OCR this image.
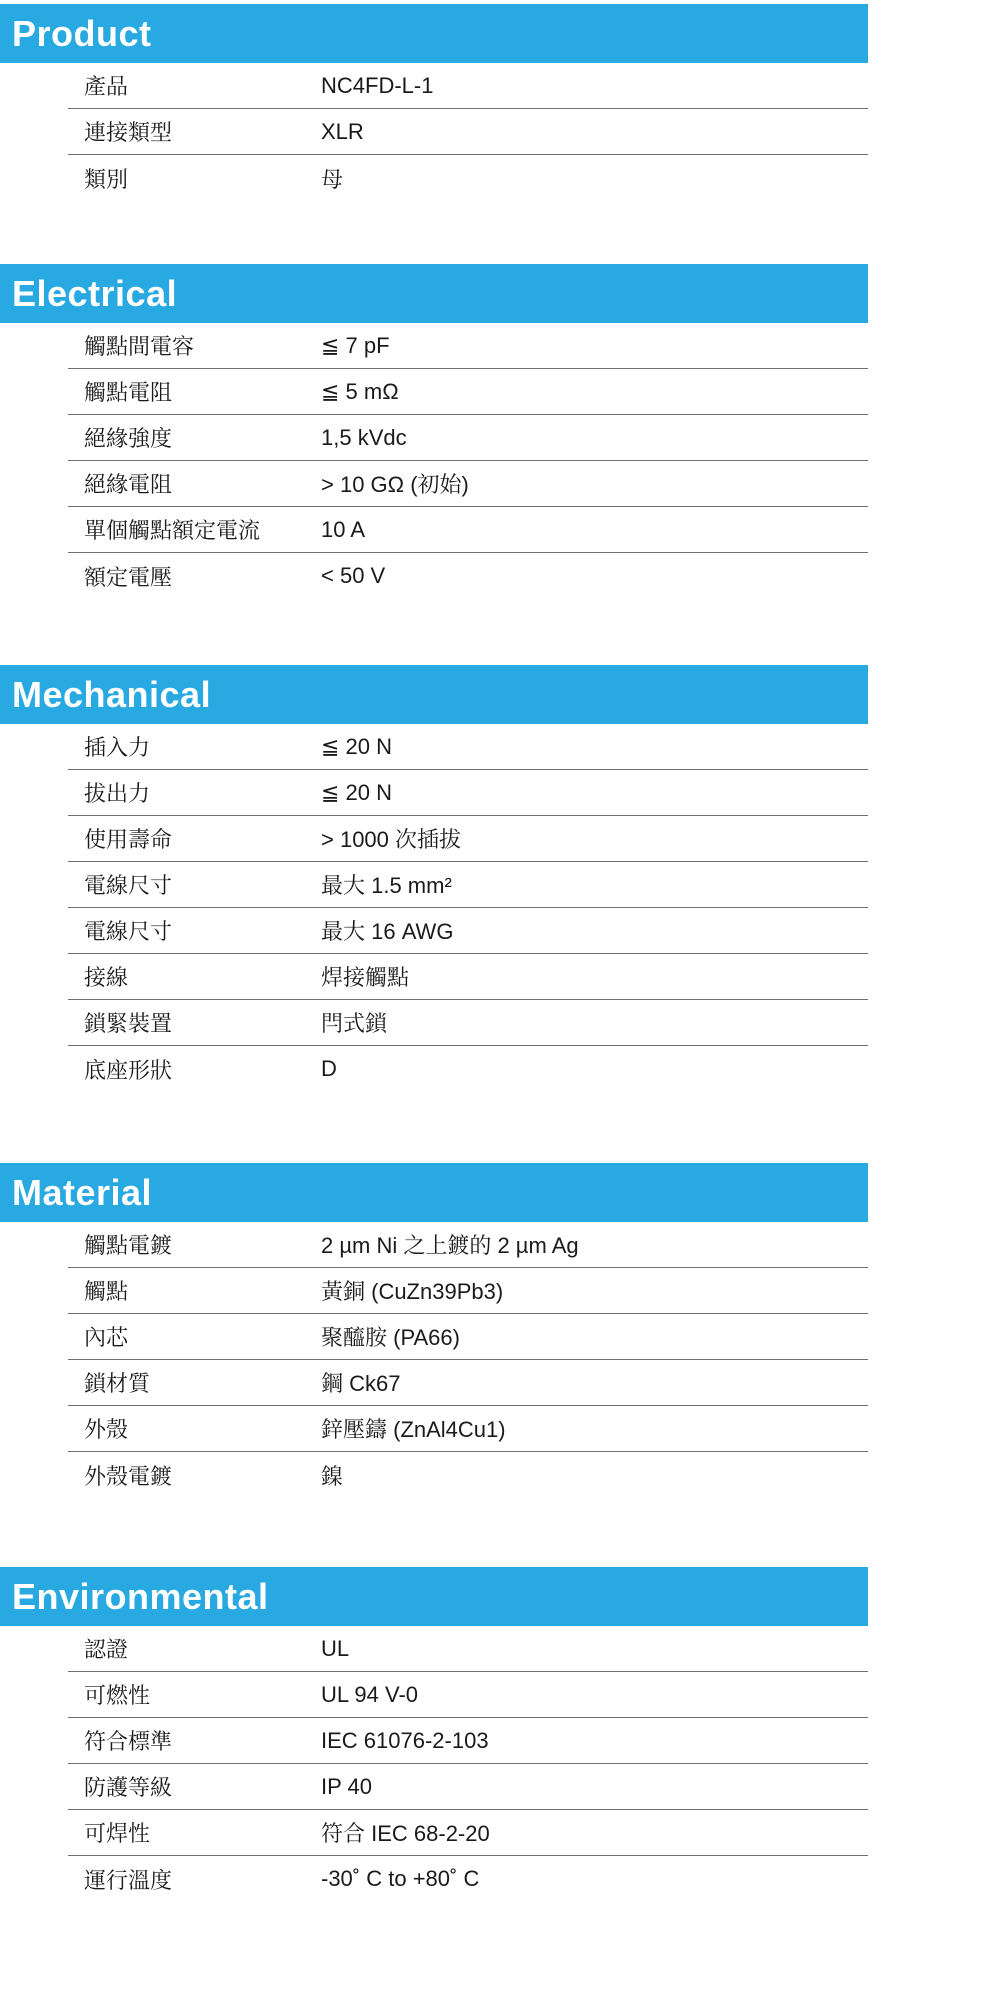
Product
產品	NC4FD-L-1
連接類型	XLR
類別	母
Electrical
觸點間電容	≦ 7 pF
觸點電阻	≦ 5 mΩ
絕緣強度	1,5 kVdc
絕緣電阻	> 10 GΩ (初始)
單個觸點額定電流	10 A
額定電壓	< 50 V
Mechanical
插入力	≦ 20 N
拔出力	≦ 20 N
使用壽命	> 1000 次插拔
電線尺寸	最大 1.5 mm²
電線尺寸	最大 16 AWG
接線	焊接觸點
鎖緊裝置	閂式鎖
底座形狀	D
Material
觸點電鍍	2 µm Ni 之上鍍的 2 µm Ag
觸點	黃銅 (CuZn39Pb3)
內芯	聚醯胺 (PA66)
鎖材質	鋼 Ck67
外殼	鋅壓鑄 (ZnAl4Cu1)
外殼電鍍	鎳
Environmental
認證	UL
可燃性	UL 94 V-0
符合標準	IEC 61076-2-103
防護等級	IP 40
可焊性	符合 IEC 68-2-20
運行溫度	-30˚ C to +80˚ C
